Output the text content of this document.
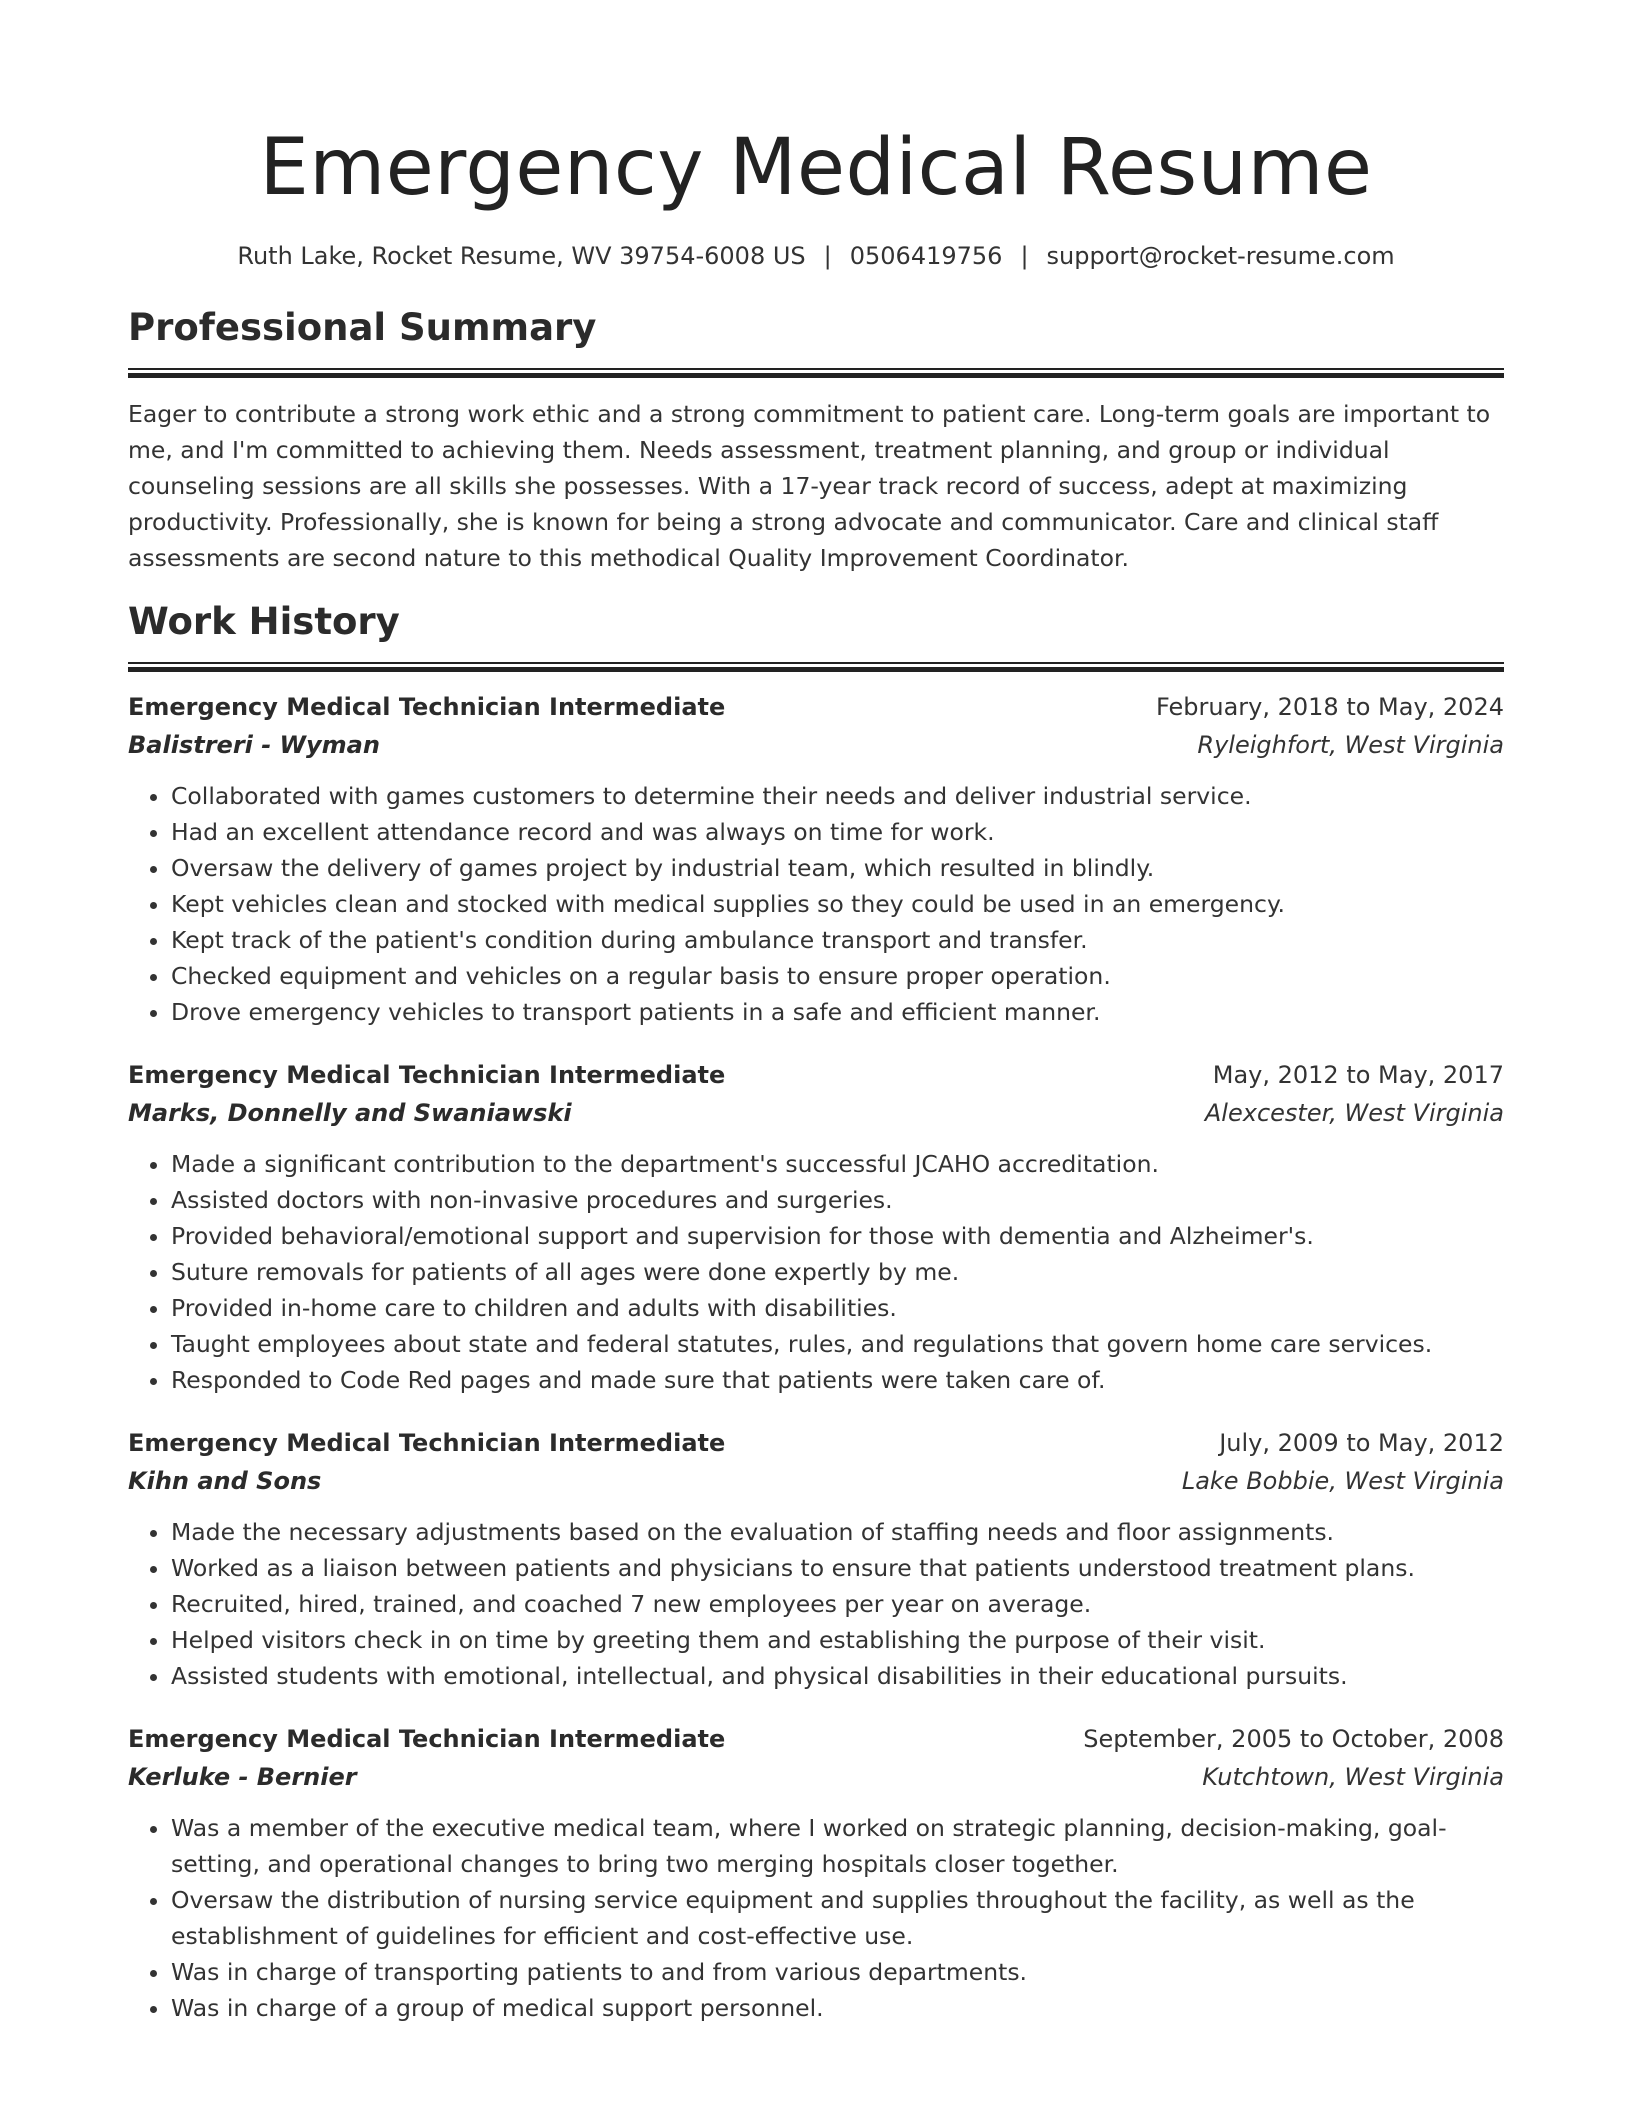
Emergency Medical Resume
Ruth Lake, Rocket Resume, WV 39754-6008 US | 0506419756 | support@rocket-resume.com
Professional Summary

Eager to contribute a strong work ethic and a strong commitment to patient care. Long-term goals are important to me, and I'm committed to achieving them. Needs assessment, treatment planning, and group or individual counseling sessions are all skills she possesses. With a 17-year track record of success, adept at maximizing productivity. Professionally, she is known for being a strong advocate and communicator. Care and clinical staff assessments are second nature to this methodical Quality Improvement Coordinator.

Work History
Emergency Medical Technician Intermediate	February, 2018 to May, 2024
Balistreri - Wyman	Ryleighfort, West Virginia
• Collaborated with games customers to determine their needs and deliver industrial service.
• Had an excellent attendance record and was always on time for work.
• Oversaw the delivery of games project by industrial team, which resulted in blindly.
• Kept vehicles clean and stocked with medical supplies so they could be used in an emergency.
• Kept track of the patient's condition during ambulance transport and transfer.
• Checked equipment and vehicles on a regular basis to ensure proper operation.
• Drove emergency vehicles to transport patients in a safe and efficient manner.
Emergency Medical Technician Intermediate	May, 2012 to May, 2017
Marks, Donnelly and Swaniawski	Alexcester, West Virginia
• Made a significant contribution to the department's successful JCAHO accreditation.
• Assisted doctors with non-invasive procedures and surgeries.
• Provided behavioral/emotional support and supervision for those with dementia and Alzheimer's.
• Suture removals for patients of all ages were done expertly by me.
• Provided in-home care to children and adults with disabilities.
• Taught employees about state and federal statutes, rules, and regulations that govern home care services.
• Responded to Code Red pages and made sure that patients were taken care of.
Emergency Medical Technician Intermediate	July, 2009 to May, 2012
Kihn and Sons	Lake Bobbie, West Virginia
• Made the necessary adjustments based on the evaluation of staffing needs and floor assignments.
• Worked as a liaison between patients and physicians to ensure that patients understood treatment plans.
• Recruited, hired, trained, and coached 7 new employees per year on average.
• Helped visitors check in on time by greeting them and establishing the purpose of their visit.
• Assisted students with emotional, intellectual, and physical disabilities in their educational pursuits.
Emergency Medical Technician Intermediate	September, 2005 to October, 2008
Kerluke - Bernier	Kutchtown, West Virginia
• Was a member of the executive medical team, where I worked on strategic planning, decision-making, goal-setting, and operational changes to bring two merging hospitals closer together.
• Oversaw the distribution of nursing service equipment and supplies throughout the facility, as well as the establishment of guidelines for efficient and cost-effective use.
• Was in charge of transporting patients to and from various departments.
• Was in charge of a group of medical support personnel.
